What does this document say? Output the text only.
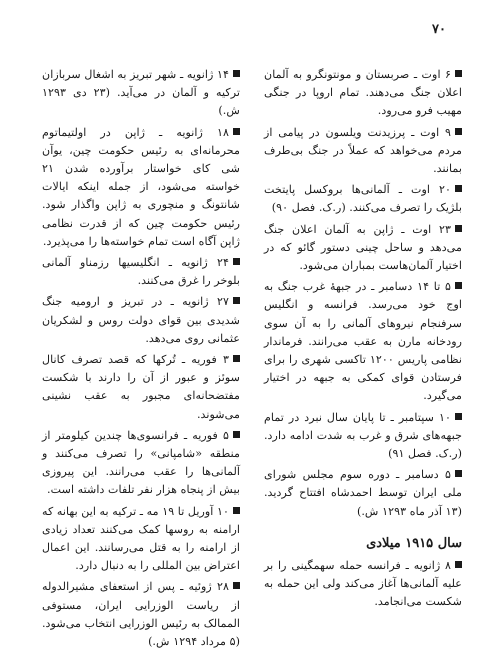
۷۰

۶ اوت ـ صربستان و مونتونگرو به آلمان اعلان جنگ می‌دهند. تمام اروپا در جنگی مهیب فرو می‌رود.

۹ اوت ـ پرزیدنت ویلسون در پیامی از مردم می‌خواهد که عملاً در جنگ بی‌طرف بمانند.

۲۰ اوت ـ آلمانی‌ها بروکسل پایتخت بلژیک را تصرف می‌کنند. (ر.ک. فصل ۹۰)

۲۳ اوت ـ ژاپن به آلمان اعلان جنگ می‌دهد و ساحل چینی دستور گائو که در اختیار آلمان‌هاست بمباران می‌شود.

۵ تا ۱۴ دسامبر ـ در جبههٔ غرب جنگ به اوج خود می‌رسد. فرانسه و انگلیس سرفنجام نیروهای آلمانی را به آن سوی رودخانه مارن به عقب می‌رانند. فرماندار نظامی پاریس ۱۲۰۰ تاکسی شهری را برای فرستادن قوای کمکی به جبهه در اختیار می‌گیرد.

۱۰ سپتامبر ـ تا پایان سال نبرد در تمام جبهه‌های شرق و غرب به شدت ادامه دارد. (ر.ک. فصل ۹۱)

۵ دسامبر ـ دوره سوم مجلس شورای ملی ایران توسط احمدشاه افتتاح گردید. (۱۳ آذر ماه ۱۲۹۳ ش.)

سال ۱۹۱۵ میلادی

۸ ژانویه ـ فرانسه حمله سهمگینی را بر علیه آلمانی‌ها آغاز می‌کند ولی این حمله به شکست می‌انجامد.

۱۴ ژانویه ـ شهر تبریز به اشغال سربازان ترکیه و آلمان در می‌آید. (۲۳ دی ۱۲۹۳ ش.)

۱۸ ژانویه ـ ژاپن در اولتیماتوم محرمانه‌ای به رئیس حکومت چین، یوآن شی کای خواستار برآورده شدن ۲۱ خواسته می‌شود، از جمله اینکه ایالات شانتونگ و منچوری به ژاپن واگذار شود. رئیس حکومت چین که از قدرت نظامی ژاپن آگاه است تمام خواسته‌ها را می‌پذیرد.

۲۴ ژانویه ـ انگلیسیها رزمناو آلمانی بلوخر را غرق می‌کنند.

۲۷ ژانویه ـ در تبریز و ارومیه جنگ شدیدی بین قوای دولت روس و لشکریان عثمانی روی می‌دهد.

۳ فوریه ـ تُرکها که قصد تصرف کانال سوئز و عبور از آن را دارند با شکست مفتضحانه‌ای مجبور به عقب نشینی می‌شوند.

۵ فوریه ـ فرانسوی‌ها چندین کیلومتر از منطقه «شامپانی» را تصرف می‌کنند و آلمانی‌ها را عقب می‌رانند. این پیروزی بیش از پنجاه هزار نفر تلفات داشته است.

۱۰ آوریل تا ۱۹ مه ـ ترکیه به این بهانه که ارامنه به روسها کمک می‌کنند تعداد زیادی از ارامنه را به قتل می‌رسانند. این اعمال اعتراض بین المللی را به دنبال دارد.

۲۸ ژوئیه ـ پس از استعفای مشیرالدوله از ریاست الوزرایی ایران، مستوفی الممالک به رئیس الوزرایی انتخاب می‌شود. (۵ مرداد ۱۲۹۴ ش.)
